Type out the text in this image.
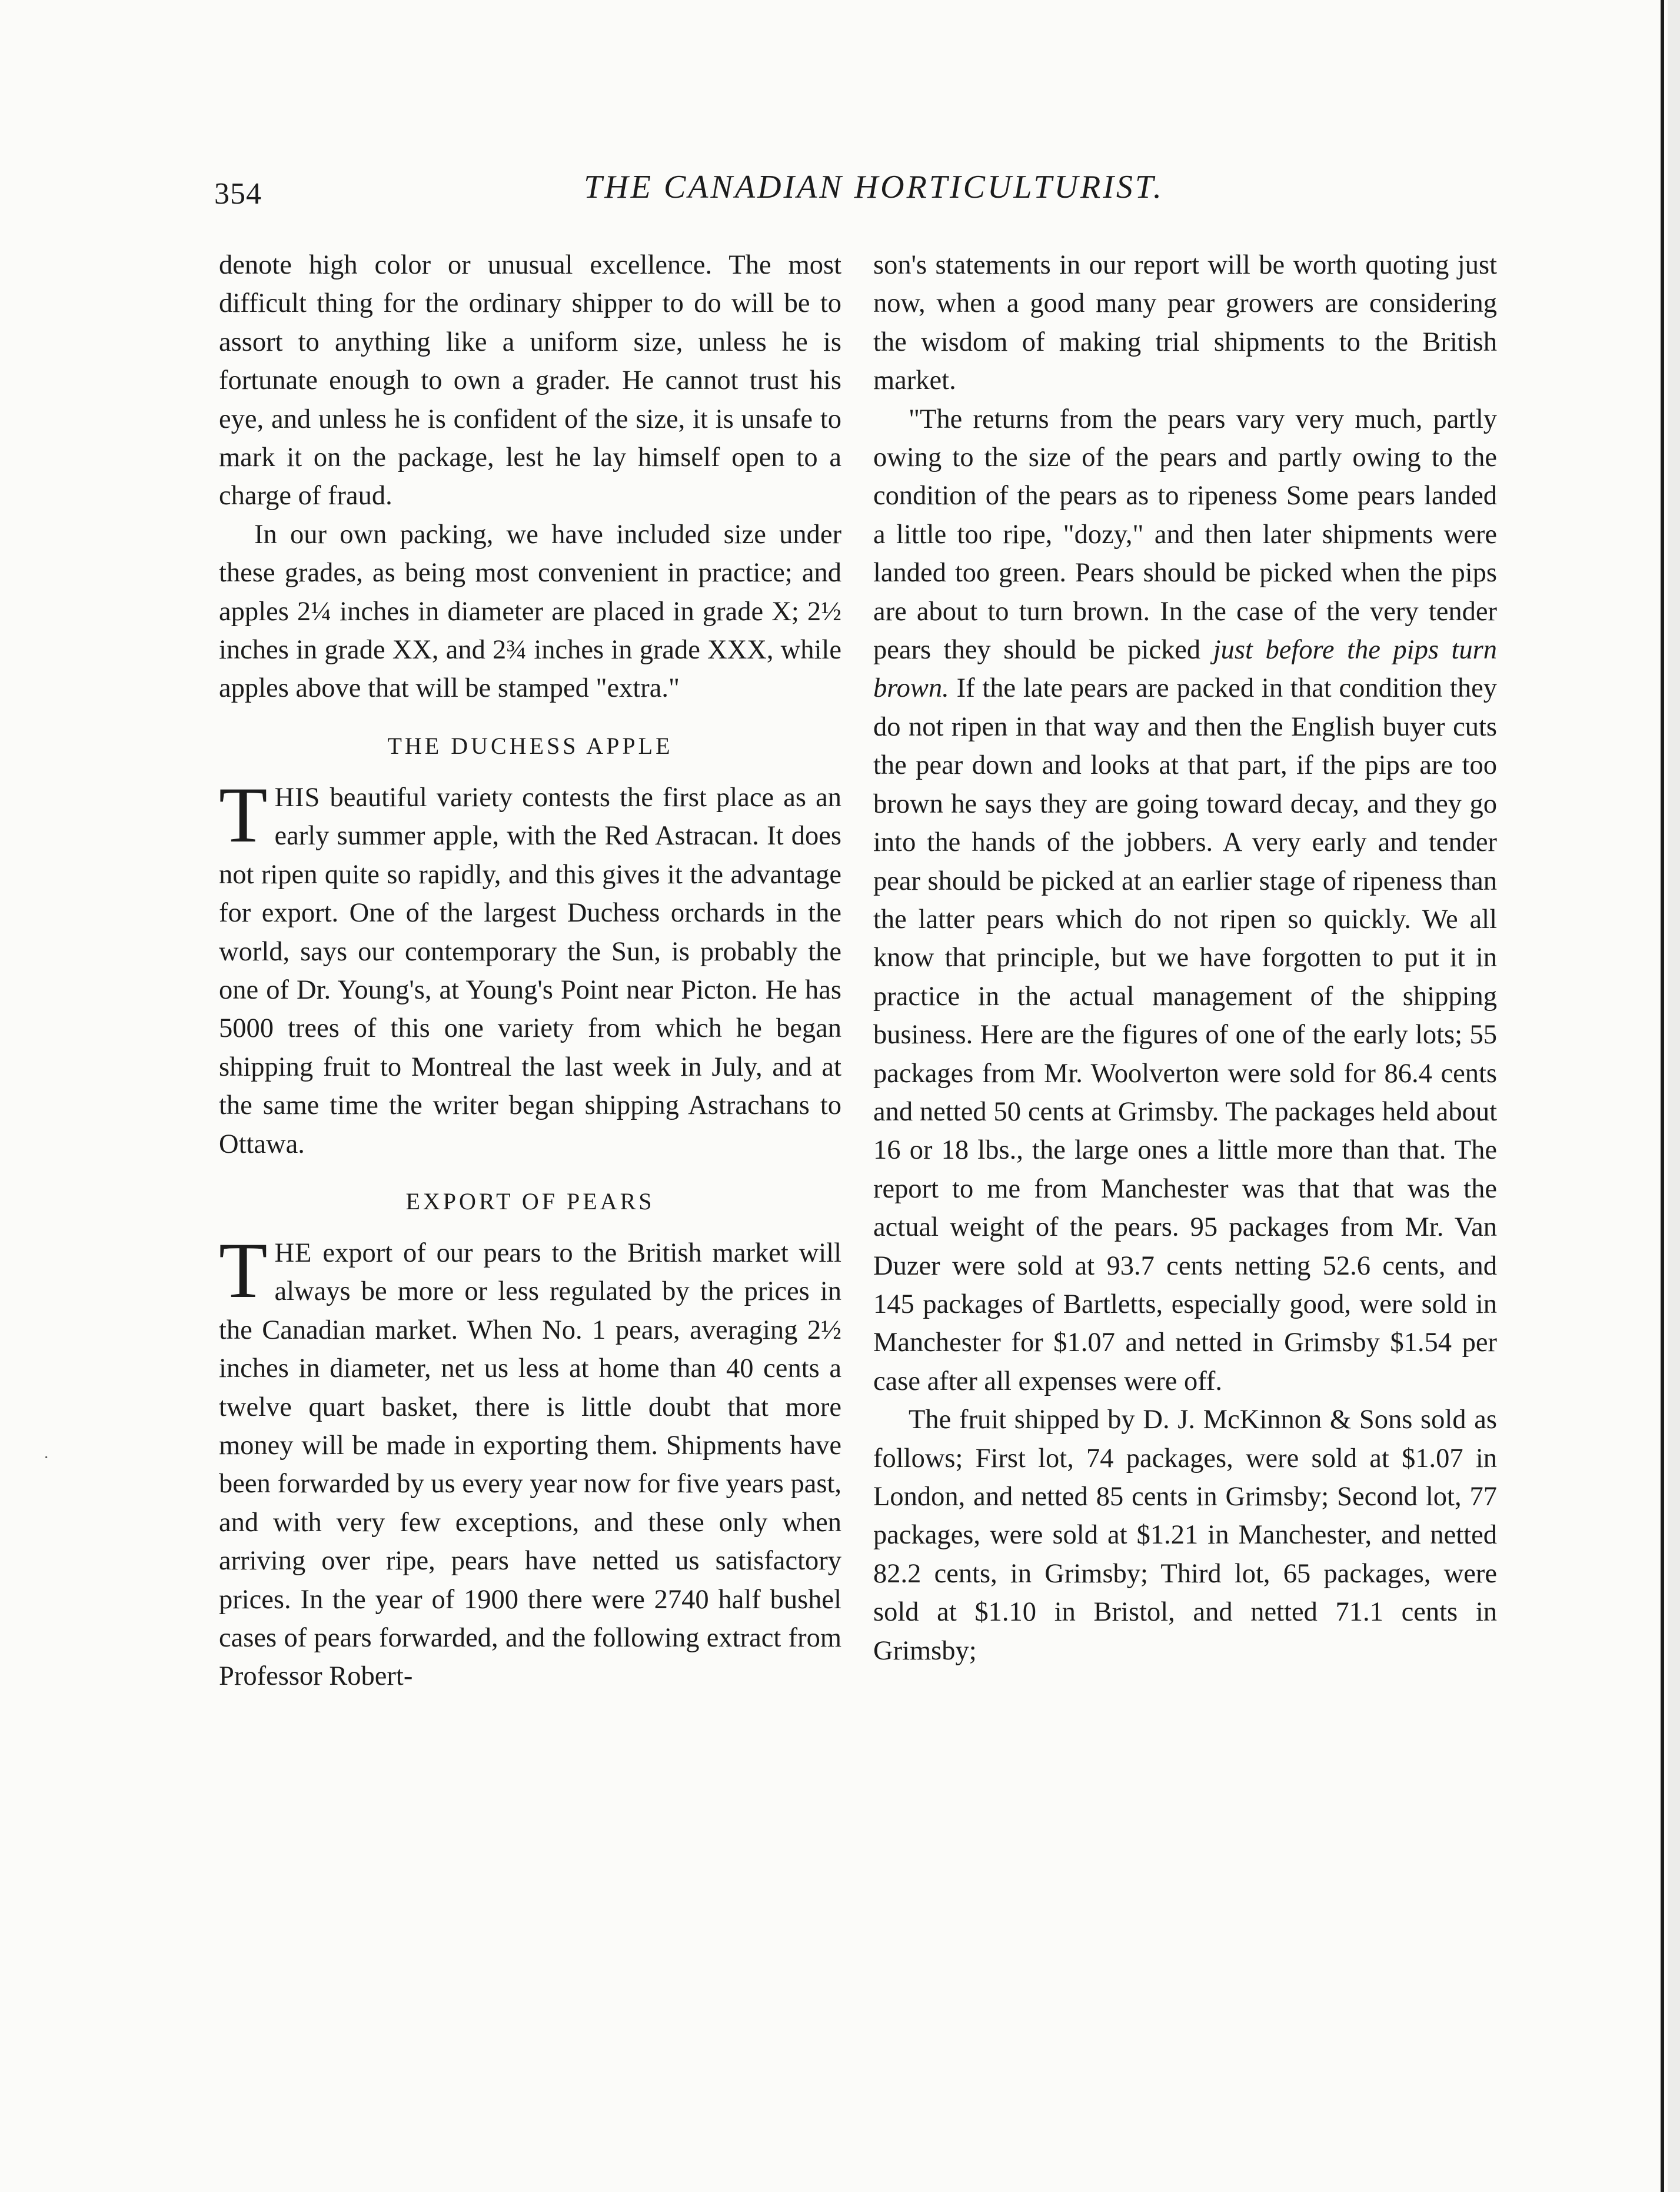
·
354	THE CANADIAN HORTICULTURIST.

denote high color or unusual excellence. The most difficult thing for the ordinary shipper to do will be to assort to anything like a uniform size, unless he is fortunate enough to own a grader. He cannot trust his eye, and unless he is confident of the size, it is unsafe to mark it on the package, lest he lay himself open to a charge of fraud.

In our own packing, we have included size under these grades, as being most convenient in practice; and apples 2¼ inches in diameter are placed in grade X; 2½ inches in grade XX, and 2¾ inches in grade XXX, while apples above that will be stamped "extra."

THE DUCHESS APPLE

THIS beautiful variety contests the first place as an early summer apple, with the Red Astracan. It does not ripen quite so rapidly, and this gives it the advantage for export. One of the largest Duchess orchards in the world, says our contemporary the Sun, is probably the one of Dr. Young's, at Young's Point near Picton. He has 5000 trees of this one variety from which he began shipping fruit to Montreal the last week in July, and at the same time the writer began shipping Astrachans to Ottawa.

EXPORT OF PEARS

THE export of our pears to the British market will always be more or less regulated by the prices in the Canadian market. When No. 1 pears, averaging 2½ inches in diameter, net us less at home than 40 cents a twelve quart basket, there is little doubt that more money will be made in exporting them. Shipments have been forwarded by us every year now for five years past, and with very few exceptions, and these only when arriving over ripe, pears have netted us satisfactory prices. In the year of 1900 there were 2740 half bushel cases of pears forwarded, and the following extract from Professor Robert-

son's statements in our report will be worth quoting just now, when a good many pear growers are considering the wisdom of making trial shipments to the British market.

"The returns from the pears vary very much, partly owing to the size of the pears and partly owing to the condition of the pears as to ripeness Some pears landed a little too ripe, "dozy," and then later shipments were landed too green. Pears should be picked when the pips are about to turn brown. In the case of the very tender pears they should be picked just before the pips turn brown. If the late pears are packed in that condition they do not ripen in that way and then the English buyer cuts the pear down and looks at that part, if the pips are too brown he says they are going toward decay, and they go into the hands of the jobbers. A very early and tender pear should be picked at an earlier stage of ripeness than the latter pears which do not ripen so quickly. We all know that principle, but we have forgotten to put it in practice in the actual management of the shipping business. Here are the figures of one of the early lots; 55 packages from Mr. Woolverton were sold for 86.4 cents and netted 50 cents at Grimsby. The packages held about 16 or 18 lbs., the large ones a little more than that. The report to me from Manchester was that that was the actual weight of the pears. 95 packages from Mr. Van Duzer were sold at 93.7 cents netting 52.6 cents, and 145 packages of Bartletts, especially good, were sold in Manchester for $1.07 and netted in Grimsby $1.54 per case after all expenses were off.

The fruit shipped by D. J. McKinnon & Sons sold as follows; First lot, 74 packages, were sold at $1.07 in London, and netted 85 cents in Grimsby; Second lot, 77 packages, were sold at $1.21 in Manchester, and netted 82.2 cents, in Grimsby; Third lot, 65 packages, were sold at $1.10 in Bristol, and netted 71.1 cents in Grimsby;
